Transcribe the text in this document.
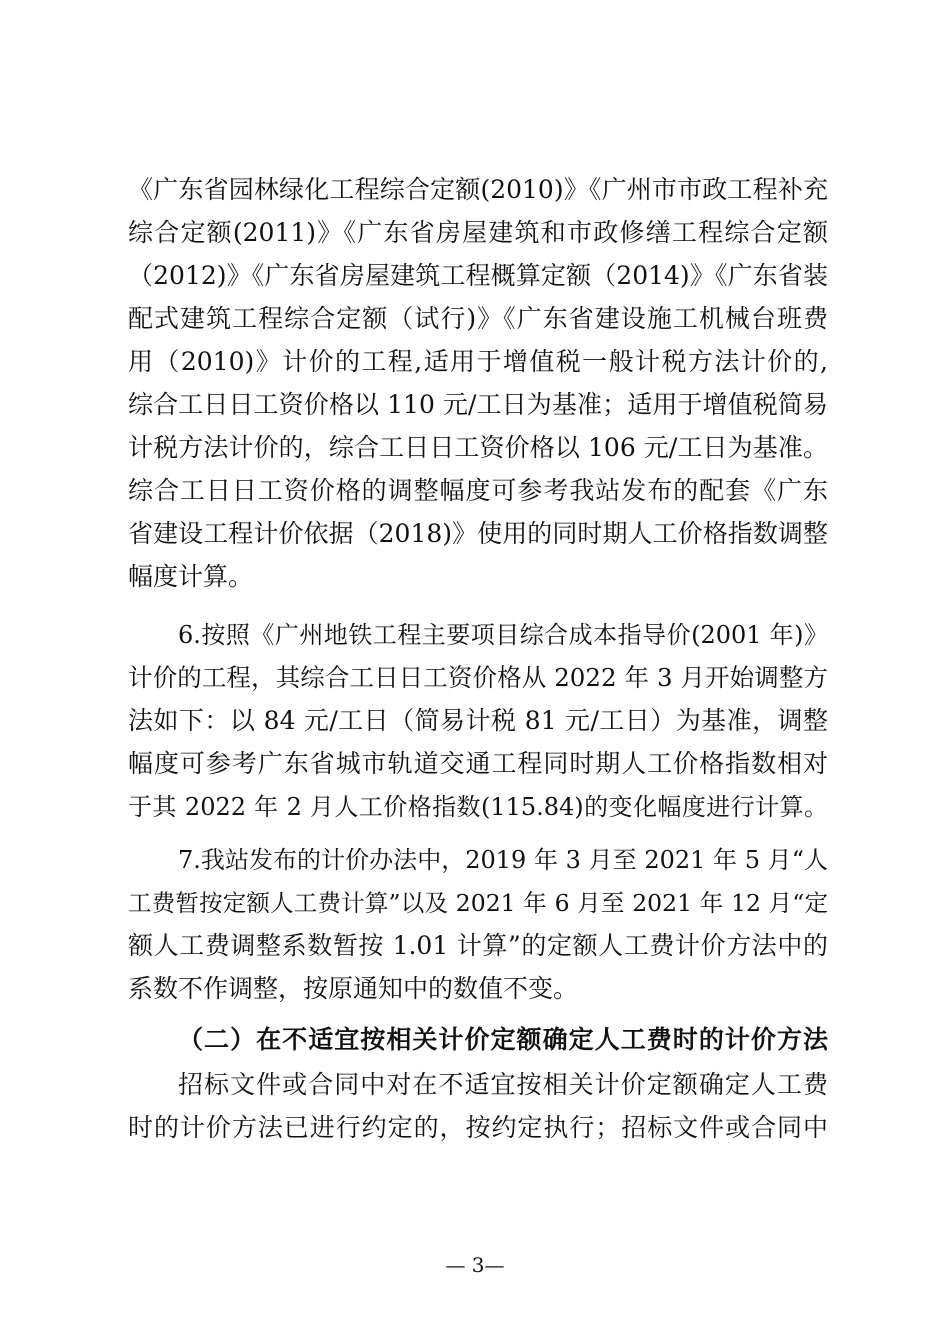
《广东省园林绿化工程综合定额(2010)》《广州市市政工程补充
综合定额(2011)》《广东省房屋建筑和市政修缮工程综合定额
（2012)》《广东省房屋建筑工程概算定额（2014)》《广东省装
配式建筑工程综合定额（试行)》《广东省建设施工机械台班费
用（2010)》计价的工程,适用于增值税一般计税方法计价的,
综合工日日工资价格以 110 元/工日为基准；适用于增值税简易
计税方法计价的，综合工日日工资价格以 106 元/工日为基准。
综合工日日工资价格的调整幅度可参考我站发布的配套《广东
省建设工程计价依据（2018)》使用的同时期人工价格指数调整
幅度计算。
6.按照《广州地铁工程主要项目综合成本指导价(2001 年)》
计价的工程，其综合工日日工资价格从 2022 年 3 月开始调整方
法如下：以 84 元/工日（简易计税 81 元/工日）为基准，调整
幅度可参考广东省城市轨道交通工程同时期人工价格指数相对
于其 2022 年 2 月人工价格指数(115.84)的变化幅度进行计算。
7.我站发布的计价办法中，2019 年 3 月至 2021 年 5 月“人
工费暂按定额人工费计算”以及 2021 年 6 月至 2021 年 12 月“定
额人工费调整系数暂按 1.01 计算”的定额人工费计价方法中的
系数不作调整，按原通知中的数值不变。
（二）在不适宜按相关计价定额确定人工费时的计价方法
招标文件或合同中对在不适宜按相关计价定额确定人工费
时的计价方法已进行约定的，按约定执行；招标文件或合同中
— 3—
